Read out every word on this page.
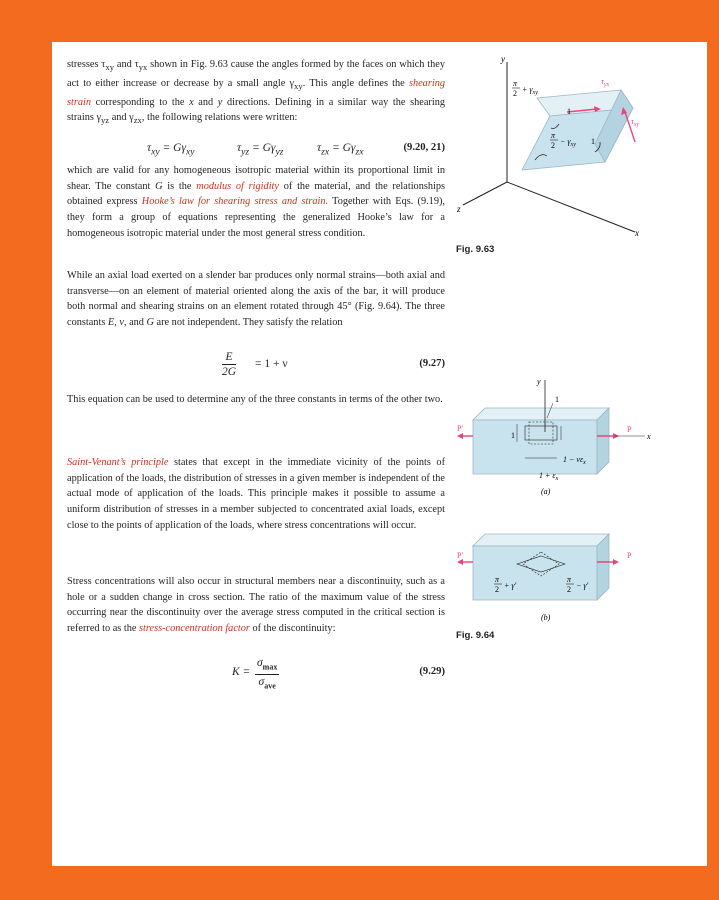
stresses $\tau_{xy}$ and $\tau_{yx}$ shown in Fig. 9.63 cause the angles formed by the faces on which they act to either increase or decrease by a small angle $\gamma_{xy}$. This angle defines the shearing strain corresponding to the x and y directions. Defining in a similar way the shearing strains $\gamma_{yz}$ and $\gamma_{zx}$, the following relations were written:

$\tau_{xy} = G\gamma_{xy}$	$\tau_{yz} = G\gamma_{yz}$	$\tau_{zx} = G\gamma_{zx}$	(9.20, 21)

which are valid for any homogeneous isotropic material within its proportional limit in shear. The constant G is the modulus of rigidity of the material, and the relationships obtained express Hooke’s law for shearing stress and strain. Together with Eqs. (9.19), they form a group of equations representing the generalized Hooke’s law for a homogeneous isotropic material under the most general stress condition.

While an axial load exerted on a slender bar produces only normal strains—both axial and transverse—on an element of material oriented along the axis of the bar, it will produce both normal and shearing strains on an element rotated through 45° (Fig. 9.64). The three constants E, ν, and G are not independent. They satisfy the relation

$\frac{E}{2G} = 1 + \nu$	(9.27)

This equation can be used to determine any of the three constants in terms of the other two.

Saint-Venant’s principle states that except in the immediate vicinity of the points of application of the loads, the distribution of stresses in a given member is independent of the actual mode of application of the loads. This principle makes it possible to assume a uniform distribution of stresses in a member subjected to concentrated axial loads, except close to the points of application of the loads, where stress concentrations will occur.

Stress concentrations will also occur in structural members near a discontinuity, such as a hole or a sudden change in cross section. The ratio of the maximum value of the stress occurring near the discontinuity over the average stress computed in the critical section is referred to as the stress-concentration factor of the discontinuity:

K =
$\sigma_{max}$
$\sigma_{ave}$
(9.29)
y
x
z
1
1
π
$2 + \gamma_{xy}$
π
$2 - \gamma_{xy}$
$\tau_{yx}$
$\tau_{xy}$
Fig. 9.63
y
x
P′	P
1
1
$1 - \nu\varepsilon_x$
$1 + \varepsilon_x$
(a)
P′	P
π
2 + γ′
π
2 − γ′
(b)
Fig. 9.64
447
